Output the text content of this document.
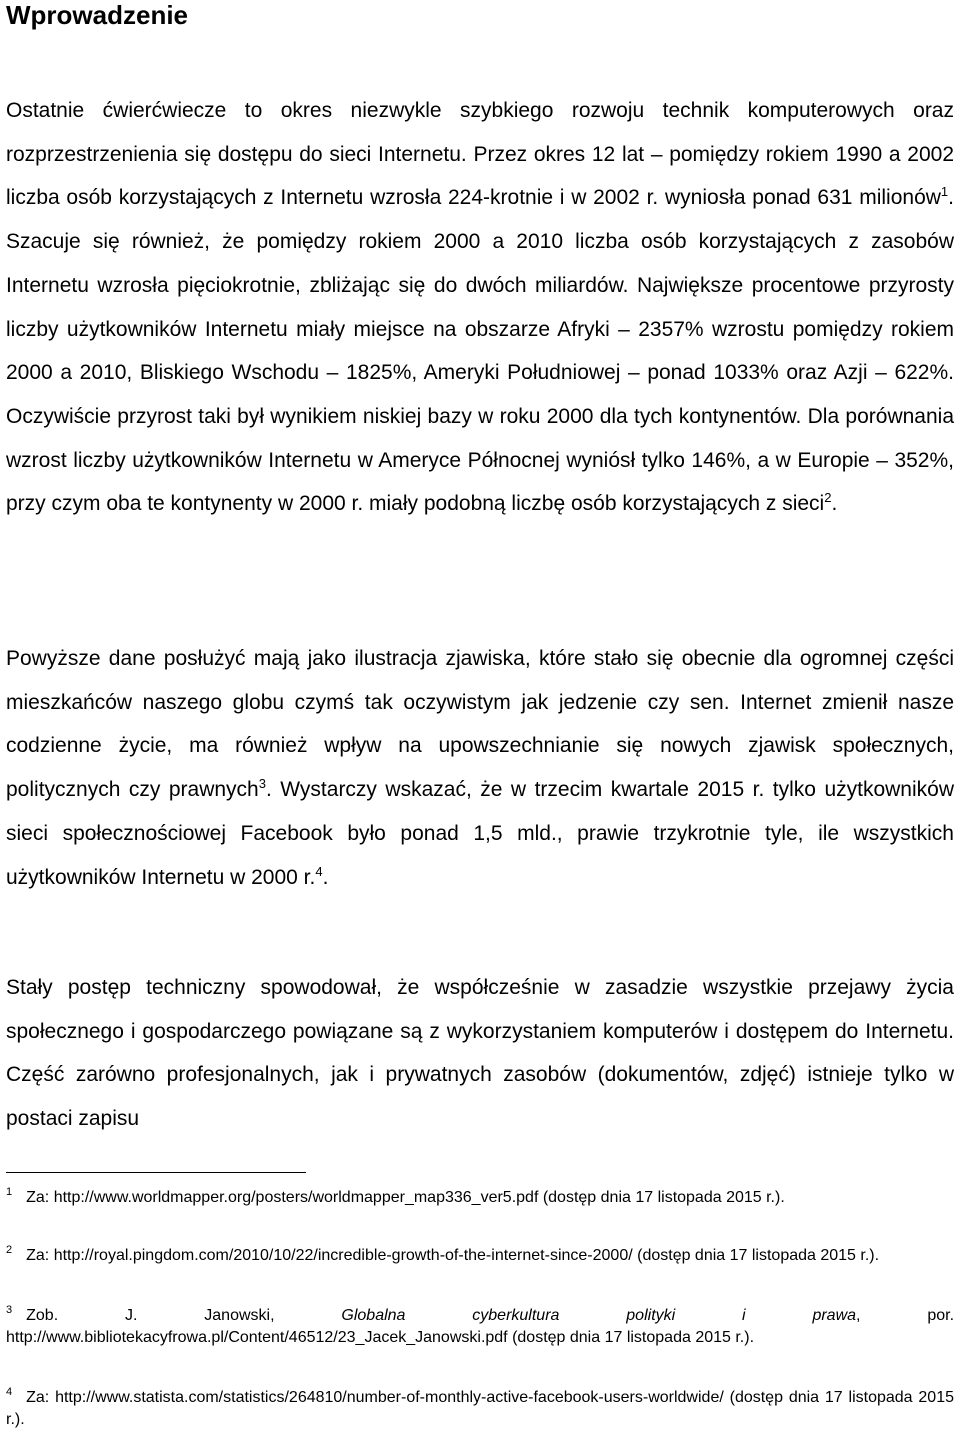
Wprowadzenie

Ostatnie ćwierćwiecze to okres niezwykle szybkiego rozwoju technik komputerowych oraz rozprzestrzenienia się dostępu do sieci Internetu. Przez okres 12 lat – pomiędzy rokiem 1990 a 2002 liczba osób korzystających z Internetu wzrosła 224-krotnie i w 2002 r. wyniosła ponad 631 milionów$^1$. Szacuje się również, że pomiędzy rokiem 2000 a 2010 liczba osób korzystających z zasobów Internetu wzrosła pięciokrotnie, zbliżając się do dwóch miliardów. Największe procentowe przyrosty liczby użytkowników Internetu miały miejsce na obszarze Afryki – 2357% wzrostu pomiędzy rokiem 2000 a 2010, Bliskiego Wschodu – 1825%, Ameryki Południowej – ponad 1033% oraz Azji – 622%. Oczywiście przyrost taki był wynikiem niskiej bazy w roku 2000 dla tych kontynentów. Dla porównania wzrost liczby użytkowników Internetu w Ameryce Północnej wyniósł tylko 146%, a w Europie – 352%, przy czym oba te kontynenty w 2000 r. miały podobną liczbę osób korzystających z sieci$^2$.

Powyższe dane posłużyć mają jako ilustracja zjawiska, które stało się obecnie dla ogromnej części mieszkańców naszego globu czymś tak oczywistym jak jedzenie czy sen. Internet zmienił nasze codzienne życie, ma również wpływ na upowszechnianie się nowych zjawisk społecznych, politycznych czy prawnych$^3$. Wystarczy wskazać, że w trzecim kwartale 2015 r. tylko użytkowników sieci społecznościowej Facebook było ponad 1,5 mld., prawie trzykrotnie tyle, ile wszystkich użytkowników Internetu w 2000 r.$^4$.

Stały postęp techniczny spowodował, że współcześnie w zasadzie wszystkie przejawy życia społecznego i gospodarczego powiązane są z wykorzystaniem komputerów i dostępem do Internetu. Część zarówno profesjonalnych, jak i prywatnych zasobów (dokumentów, zdjęć) istnieje tylko w postaci zapisu

$^1$ Za: http://www.worldmapper.org/posters/worldmapper_map336_ver5.pdf (dostęp dnia 17 listopada 2015 r.).

$^2$ Za: http://royal.pingdom.com/2010/10/22/incredible-growth-of-the-internet-since-2000/ (dostęp dnia 17 listopada 2015 r.).

$^3$ Zob. J. Janowski, Globalna cyberkultura polityki i prawa, por. http://www.bibliotekacyfrowa.pl/Content/46512/23_Jacek_Janowski.pdf (dostęp dnia 17 listopada 2015 r.).

$^4$ Za: http://www.statista.com/statistics/264810/number-of-monthly-active-facebook-users-worldwide/ (dostęp dnia 17 listopada 2015 r.).
